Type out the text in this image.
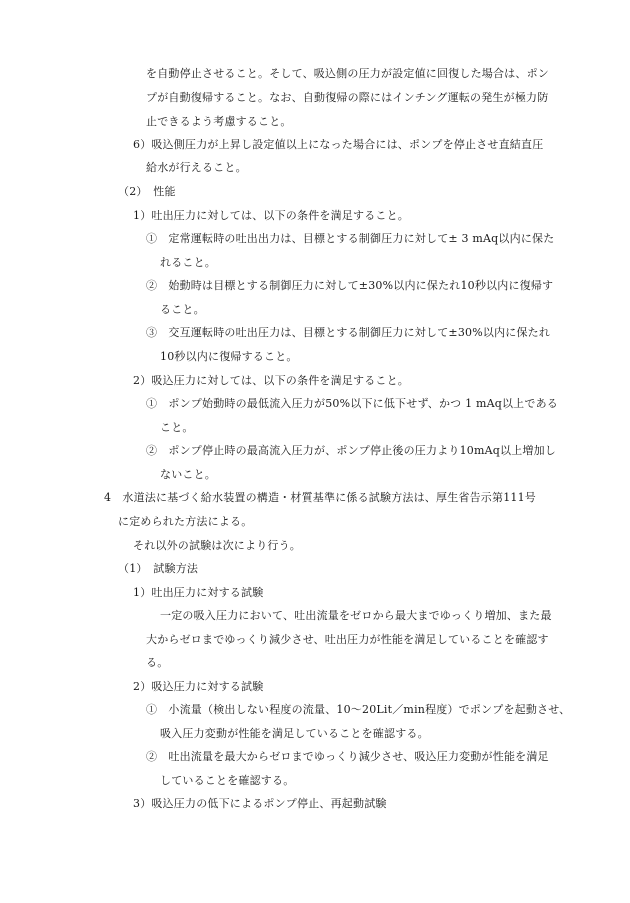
を自動停止させること。そして、吸込側の圧力が設定値に回復した場合は、ポン
プが自動復帰すること。なお、自動復帰の際にはインチング運転の発生が極力防
止できるよう考慮すること。
6）吸込側圧力が上昇し設定値以上になった場合には、ポンプを停止させ直結直圧
給水が行えること。
（2）　性能
1）吐出圧力に対しては、以下の条件を満足すること。
①　定常運転時の吐出出力は、目標とする制御圧力に対して± 3 mAq以内に保た
れること。
②　始動時は目標とする制御圧力に対して±30%以内に保たれ10秒以内に復帰す
ること。
③　交互運転時の吐出圧力は、目標とする制御圧力に対して±30%以内に保たれ
10秒以内に復帰すること。
2）吸込圧力に対しては、以下の条件を満足すること。
①　ポンプ始動時の最低流入圧力が50%以下に低下せず、かつ 1 mAq以上である
こと。
②　ポンプ停止時の最高流入圧力が、ポンプ停止後の圧力より10mAq以上増加し
ないこと。
4　水道法に基づく給水装置の構造・材質基準に係る試験方法は、厚生省告示第111号
に定められた方法による。
それ以外の試験は次により行う。
（1）　試験方法
1）吐出圧力に対する試験
一定の吸入圧力において、吐出流量をゼロから最大までゆっくり増加、また最
大からゼロまでゆっくり減少させ、吐出圧力が性能を満足していることを確認す
る。
2）吸込圧力に対する試験
①　小流量（検出しない程度の流量、10～20Lit／min程度）でポンプを起動させ、
吸入圧力変動が性能を満足していることを確認する。
②　吐出流量を最大からゼロまでゆっくり減少させ、吸込圧力変動が性能を満足
していることを確認する。
3）吸込圧力の低下によるポンプ停止、再起動試験
